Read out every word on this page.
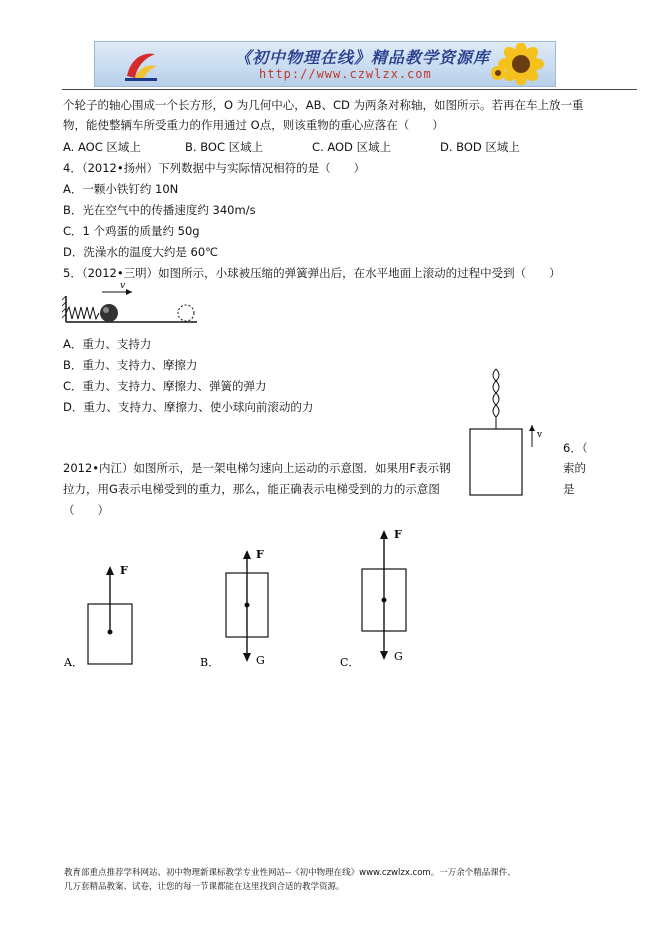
《初中物理在线》精品教学资源库
http://www.czwlzx.com
个轮子的轴心围成一个长方形，O 为几何中心，AB、CD 为两条对称轴，如图所示。若再在车上放一重
物，能使整辆车所受重力的作用通过 O点，则该重物的重心应落在（　　）
A. AOC 区域上	B. BOC 区域上	C. AOD 区域上	D. BOD 区域上
4．（2012•扬州）下列数据中与实际情况相符的是（　　）
A．一颗小铁钉约 10N
B．光在空气中的传播速度约 340m/s
C．1 个鸡蛋的质量约 50g
D．洗澡水的温度大约是 60℃
5．（2012•三明）如图所示，小球被压缩的弹簧弹出后，在水平地面上滚动的过程中受到（　　）
v
A．重力、支持力
B．重力、支持力、摩擦力
C．重力、支持力、摩擦力、弹簧的弹力
D．重力、支持力、摩擦力、使小球向前滚动的力
v
6．（
2012•内江）如图所示，是一架电梯匀速向上运动的示意图．如果用F表示钢	索的
拉力，用G表示电梯受到的重力，那么，能正确表示电梯受到的力的示意图	是
（　　）
F
A．
F
G
B．
F
G
C．
教育部重点推荐学科网站、初中物理新课标教学专业性网站--《初中物理在线》www.czwlzx.com。一万余个精品课件、
几万套精品教案、试卷，让您的每一节课都能在这里找到合适的教学资源。
